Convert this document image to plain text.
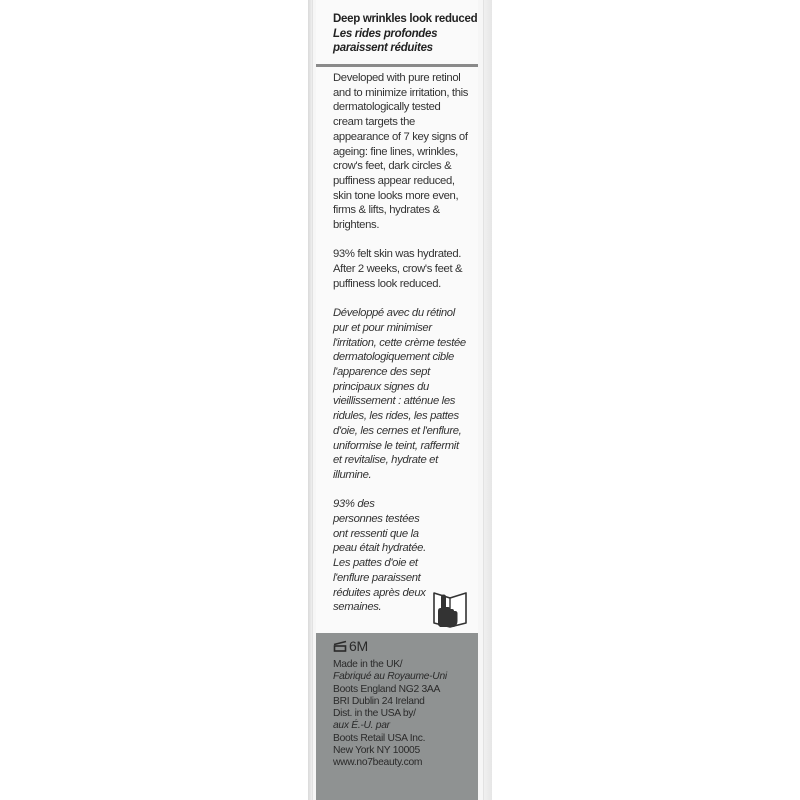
Deep wrinkles look reduced
Les rides profondes
paraissent réduites

Developed with pure retinol and to minimize irritation, this dermatologically tested cream targets the appearance of 7 key signs of ageing: fine lines, wrinkles, crow's feet, dark circles & puffiness appear reduced, skin tone looks more even, firms & lifts, hydrates & brightens.

93% felt skin was hydrated. After 2 weeks, crow's feet & puffiness look reduced.

Développé avec du rétinol pur et pour minimiser l'irritation, cette crème testée dermatologiquement cible l'apparence des sept principaux signes du vieillissement : atténue les ridules, les rides, les pattes d'oie, les cernes et l'enflure, uniformise le teint, raffermit et revitalise, hydrate et illumine.

93% des personnes testées ont ressenti que la peau était hydratée. Les pattes d'oie et l'enflure paraissent réduites après deux semaines.

6M
Made in the UK/
Fabriqué au Royaume-Uni
Boots England NG2 3AA
BRI Dublin 24 Ireland
Dist. in the USA by/
aux É.-U. par
Boots Retail USA Inc.
New York NY 10005
www.no7beauty.com
